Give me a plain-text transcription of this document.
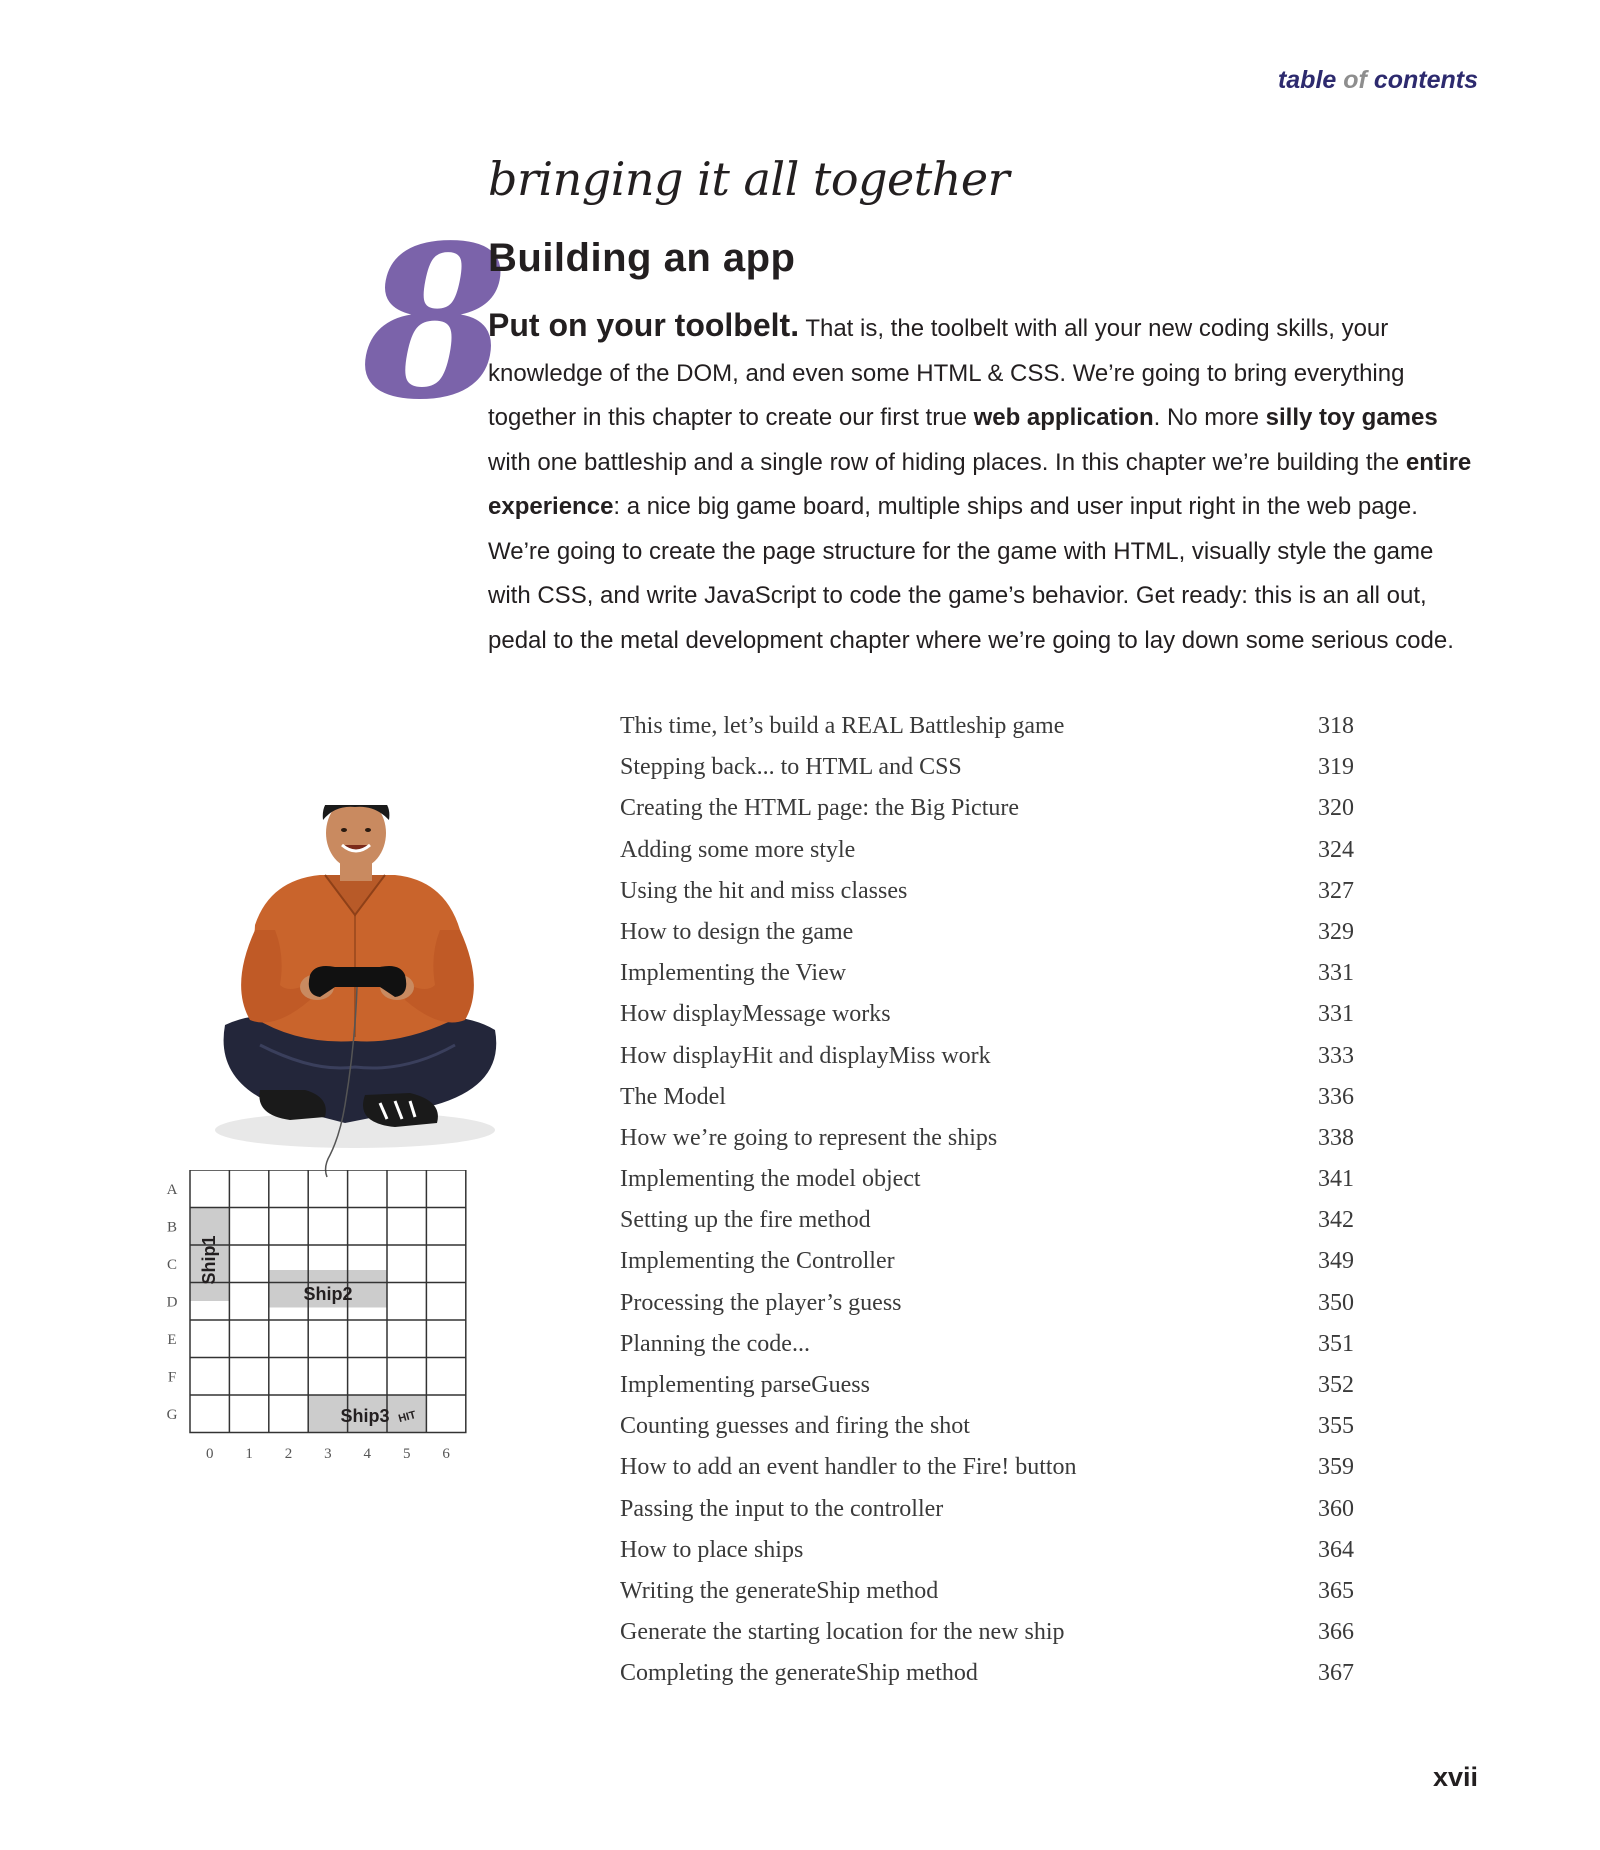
table of contents
8
bringing it all together
Building an app
Put on your toolbelt. That is, the toolbelt with all your new coding skills, your knowledge of the DOM, and even some HTML & CSS. We’re going to bring everything together in this chapter to create our first true web application. No more silly toy games with one battleship and a single row of hiding places. In this chapter we’re building the entire experience: a nice big game board, multiple ships and user input right in the web page. We’re going to create the page structure for the game with HTML, visually style the game with CSS, and write JavaScript to code the game’s behavior. Get ready: this is an all out, pedal to the metal development chapter where we’re going to lay down some serious code.
This time, let’s build a REAL Battleship game	318
Stepping back... to HTML and CSS	319
Creating the HTML page: the Big Picture	320
Adding some more style	324
Using the hit and miss classes	327
How to design the game	329
Implementing the View	331
How displayMessage works	331
How displayHit and displayMiss work	333
The Model	336
How we’re going to represent the ships	338
Implementing the model object	341
Setting up the fire method	342
Implementing the Controller	349
Processing the player’s guess	350
Planning the code...	351
Implementing parseGuess	352
Counting guesses and firing the shot	355
How to add an event handler to the Fire! button	359
Passing the input to the controller	360
How to place ships	364
Writing the generateShip method	365
Generate the starting location for the new ship	366
Completing the generateShip method	367
Ship1
Ship2
Ship3 HIT
A
B
C
D
E
F
G
0 1 2 3 4 5 6
xvii
